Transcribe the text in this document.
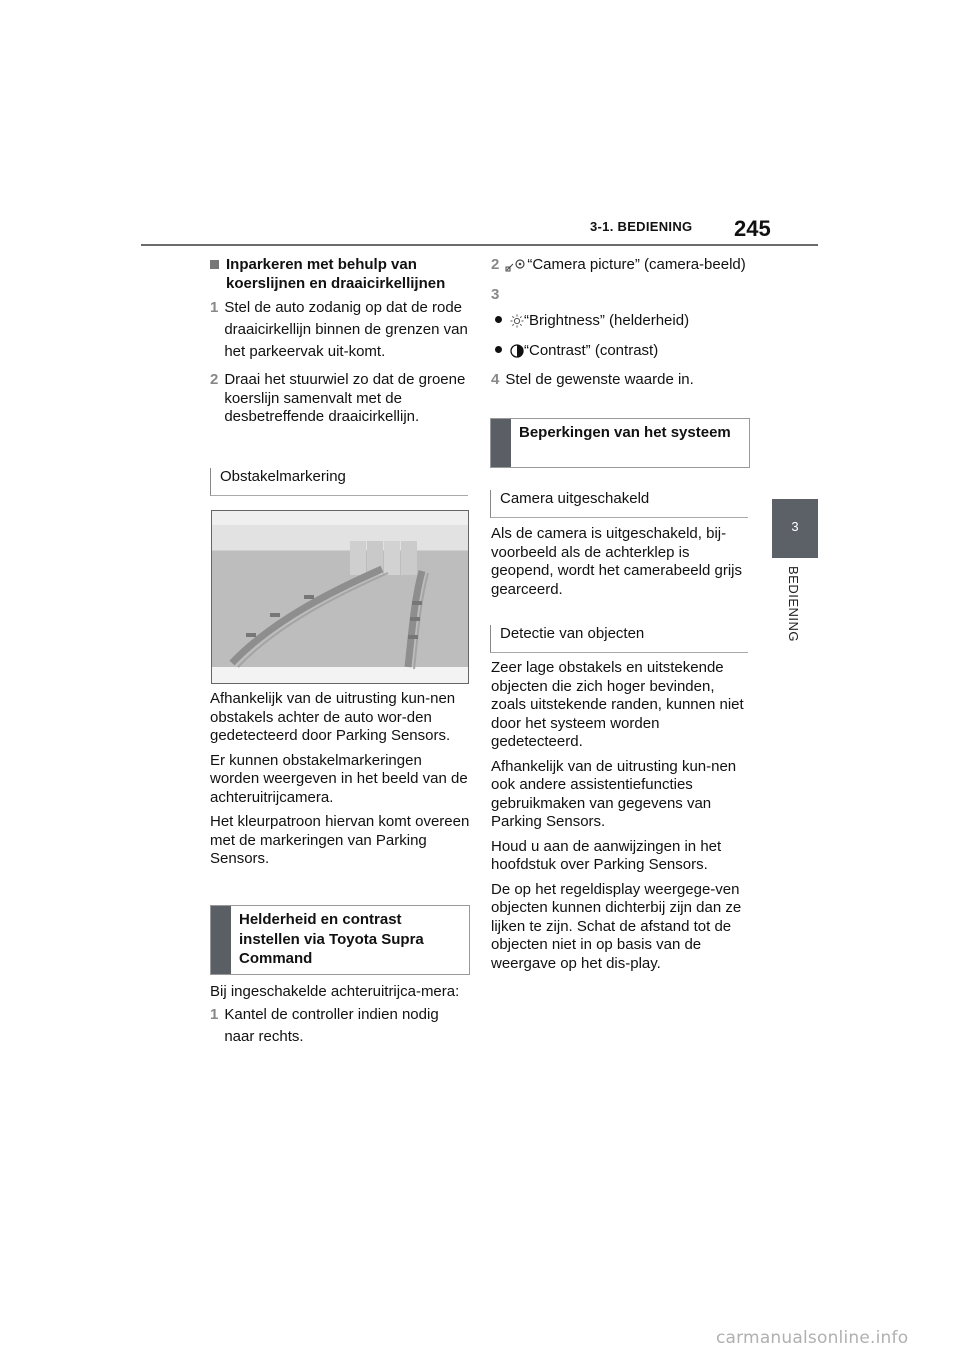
3-1. BEDIENING 245
3
BEDIENING
Inparkeren met behulp van koerslijnen en draaicirkellijnen
1 Stel de auto zodanig op dat de rode draaicirkellijn binnen de grenzen van het parkeervak uit-komt.
2 Draai het stuurwiel zo dat de groene koerslijn samenvalt met de desbetreffende draaicirkellijn.
Obstakelmarkering
Afhankelijk van de uitrusting kun-nen obstakels achter de auto wor-den gedetecteerd door Parking Sensors.
Er kunnen obstakelmarkeringen worden weergeven in het beeld van de achteruitrijcamera.
Het kleurpatroon hiervan komt overeen met de markeringen van Parking Sensors.
Helderheid en contrast instellen via Toyota Supra Command
Bij ingeschakelde achteruitrijca-mera:
1 Kantel de controller indien nodig naar rechts.
2	“Camera picture” (camera-beeld)
3
“Brightness” (helderheid)
“Contrast” (contrast)
4 Stel de gewenste waarde in.
Beperkingen van het systeem
Camera uitgeschakeld
Als de camera is uitgeschakeld, bij-voorbeeld als de achterklep is geopend, wordt het camerabeeld grijs gearceerd.
Detectie van objecten
Zeer lage obstakels en uitstekende objecten die zich hoger bevinden, zoals uitstekende randen, kunnen niet door het systeem worden gedetecteerd.
Afhankelijk van de uitrusting kun-nen ook andere assistentiefuncties gebruikmaken van gegevens van Parking Sensors.
Houd u aan de aanwijzingen in het hoofdstuk over Parking Sensors.
De op het regeldisplay weergege-ven objecten kunnen dichterbij zijn dan ze lijken te zijn. Schat de afstand tot de objecten niet in op basis van de weergave op het dis-play.
carmanualsonline.info
